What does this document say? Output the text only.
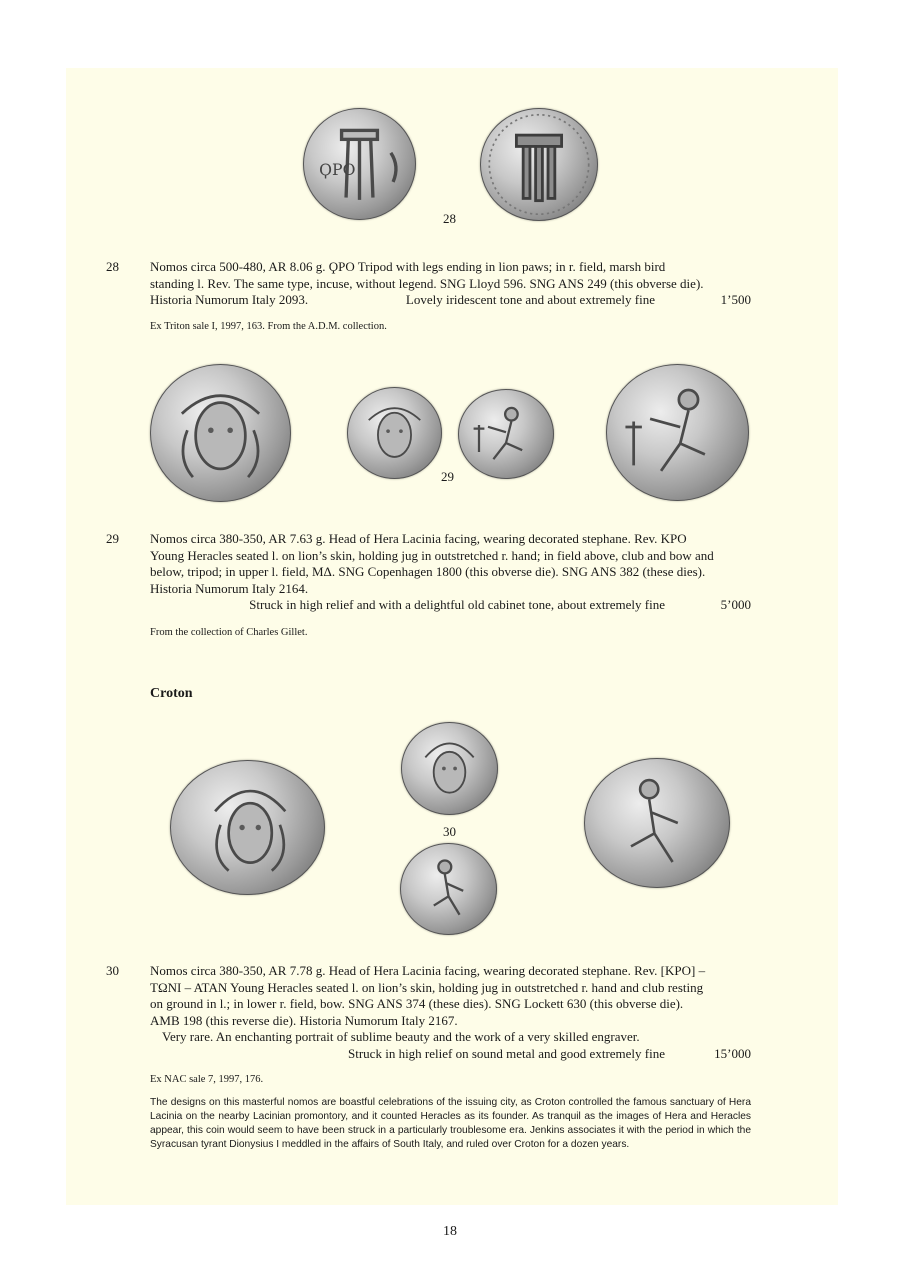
ϘΡΟ
28
28 Nomos circa 500-480, AR 8.06 g. ϘPO Tripod with legs ending in lion paws; in r. field, marsh bird

standing l. Rev. The same type, incuse, without legend. SNG Lloyd 596. SNG ANS 249 (this obverse die).

Historia Numorum Italy 2093.	Lovely iridescent tone and about extremely fine	1’500
Ex Triton sale I, 1997, 163. From the A.D.M. collection.
29
29 Nomos circa 380-350, AR 7.63 g. Head of Hera Lacinia facing, wearing decorated stephane. Rev. KPO

Young Heracles seated l. on lion’s skin, holding jug in outstretched r. hand; in field above, club and bow and

below, tripod; in upper l. field, MΔ. SNG Copenhagen 1800 (this obverse die). SNG ANS 382 (these dies).

Historia Numorum Italy 2164.

Struck in high relief and with a delightful old cabinet tone, about extremely fine	5’000
From the collection of Charles Gillet.
Croton
30
30 Nomos circa 380-350, AR 7.78 g. Head of Hera Lacinia facing, wearing decorated stephane. Rev. [KPO] –

TΩNI – ATAN Young Heracles seated l. on lion’s skin, holding jug in outstretched r. hand and club resting

on ground in l.; in lower r. field, bow. SNG ANS 374 (these dies). SNG Lockett 630 (this obverse die).

AMB 198 (this reverse die). Historia Numorum Italy 2167.

Very rare. An enchanting portrait of sublime beauty and the work of a very skilled engraver.

Struck in high relief on sound metal and good extremely fine	15’000
Ex NAC sale 7, 1997, 176.
The designs on this masterful nomos are boastful celebrations of the issuing city, as Croton controlled the famous sanctuary of Hera Lacinia on the nearby Lacinian promontory, and it counted Heracles as its founder. As tranquil as the images of Hera and Heracles appear, this coin would seem to have been struck in a particularly troublesome era. Jenkins associates it with the period in which the Syracusan tyrant Dionysius I meddled in the affairs of South Italy, and ruled over Croton for a dozen years.
18
